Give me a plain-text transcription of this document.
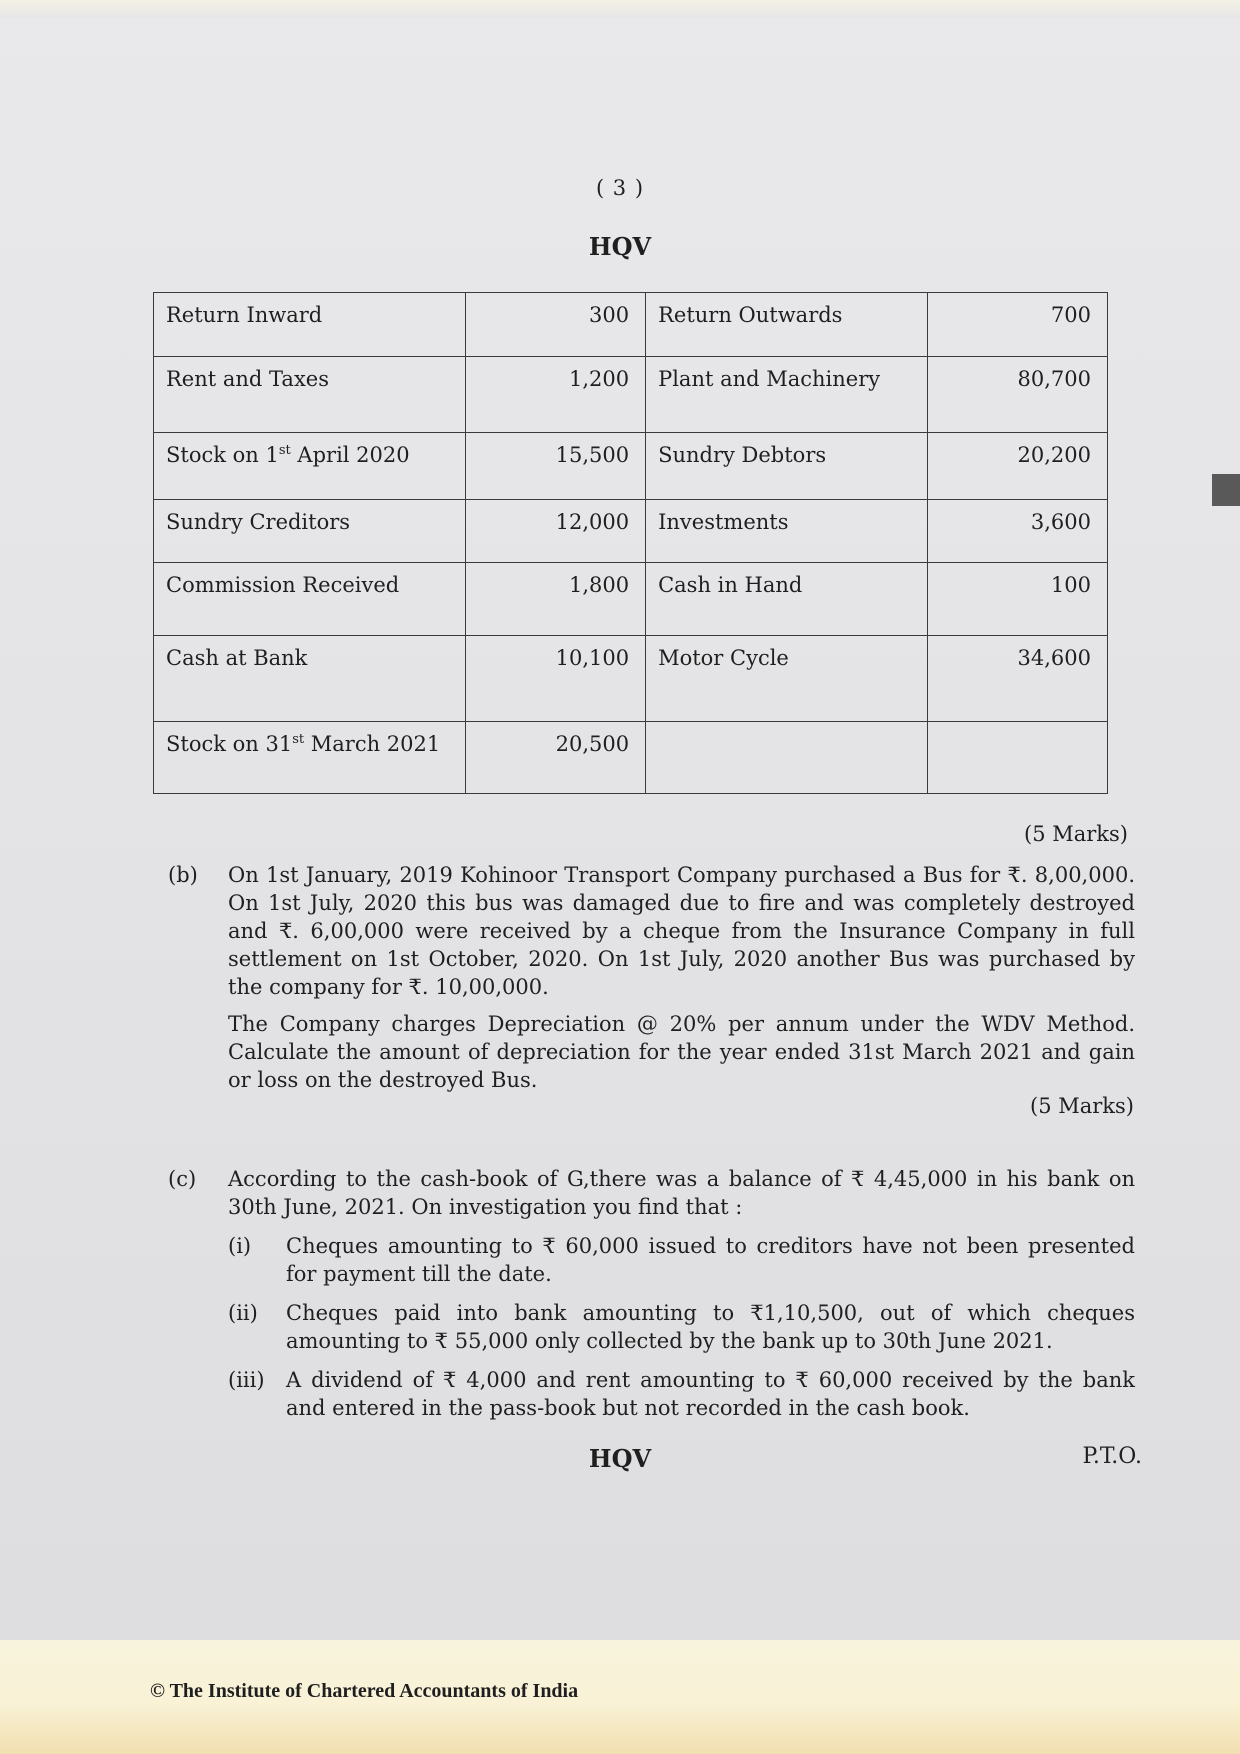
( 3 )
HQV
Return Inward	300	Return Outwards	700
Rent and Taxes	1,200	Plant and Machinery	80,700
Stock on 1st April 2020	15,500	Sundry Debtors	20,200
Sundry Creditors	12,000	Investments	3,600
Commission Received	1,800	Cash in Hand	100
Cash at Bank	10,100	Motor Cycle	34,600
Stock on 31st March 2021	20,500		
(5 Marks)
(b) On 1st January, 2019 Kohinoor Transport Company purchased a Bus for ₹. 8,00,000. On 1st July, 2020 this bus was damaged due to fire and was completely destroyed and ₹. 6,00,000 were received by a cheque from the Insurance Company in full settlement on 1st October, 2020. On 1st July, 2020 another Bus was purchased by the company for ₹. 10,00,000.
The Company charges Depreciation @ 20% per annum under the WDV Method. Calculate the amount of depreciation for the year ended 31st March 2021 and gain or loss on the destroyed Bus.
(5 Marks)
(c) According to the cash-book of G,there was a balance of ₹ 4,45,000 in his bank on 30th June, 2021. On investigation you find that :
(i) Cheques amounting to ₹ 60,000 issued to creditors have not been presented for payment till the date.
(ii) Cheques paid into bank amounting to ₹1,10,500, out of which cheques amounting to ₹ 55,000 only collected by the bank up to 30th June 2021.
(iii) A dividend of ₹ 4,000 and rent amounting to ₹ 60,000 received by the bank and entered in the pass-book but not recorded in the cash book.
HQV	P.T.O.
© The Institute of Chartered Accountants of India
